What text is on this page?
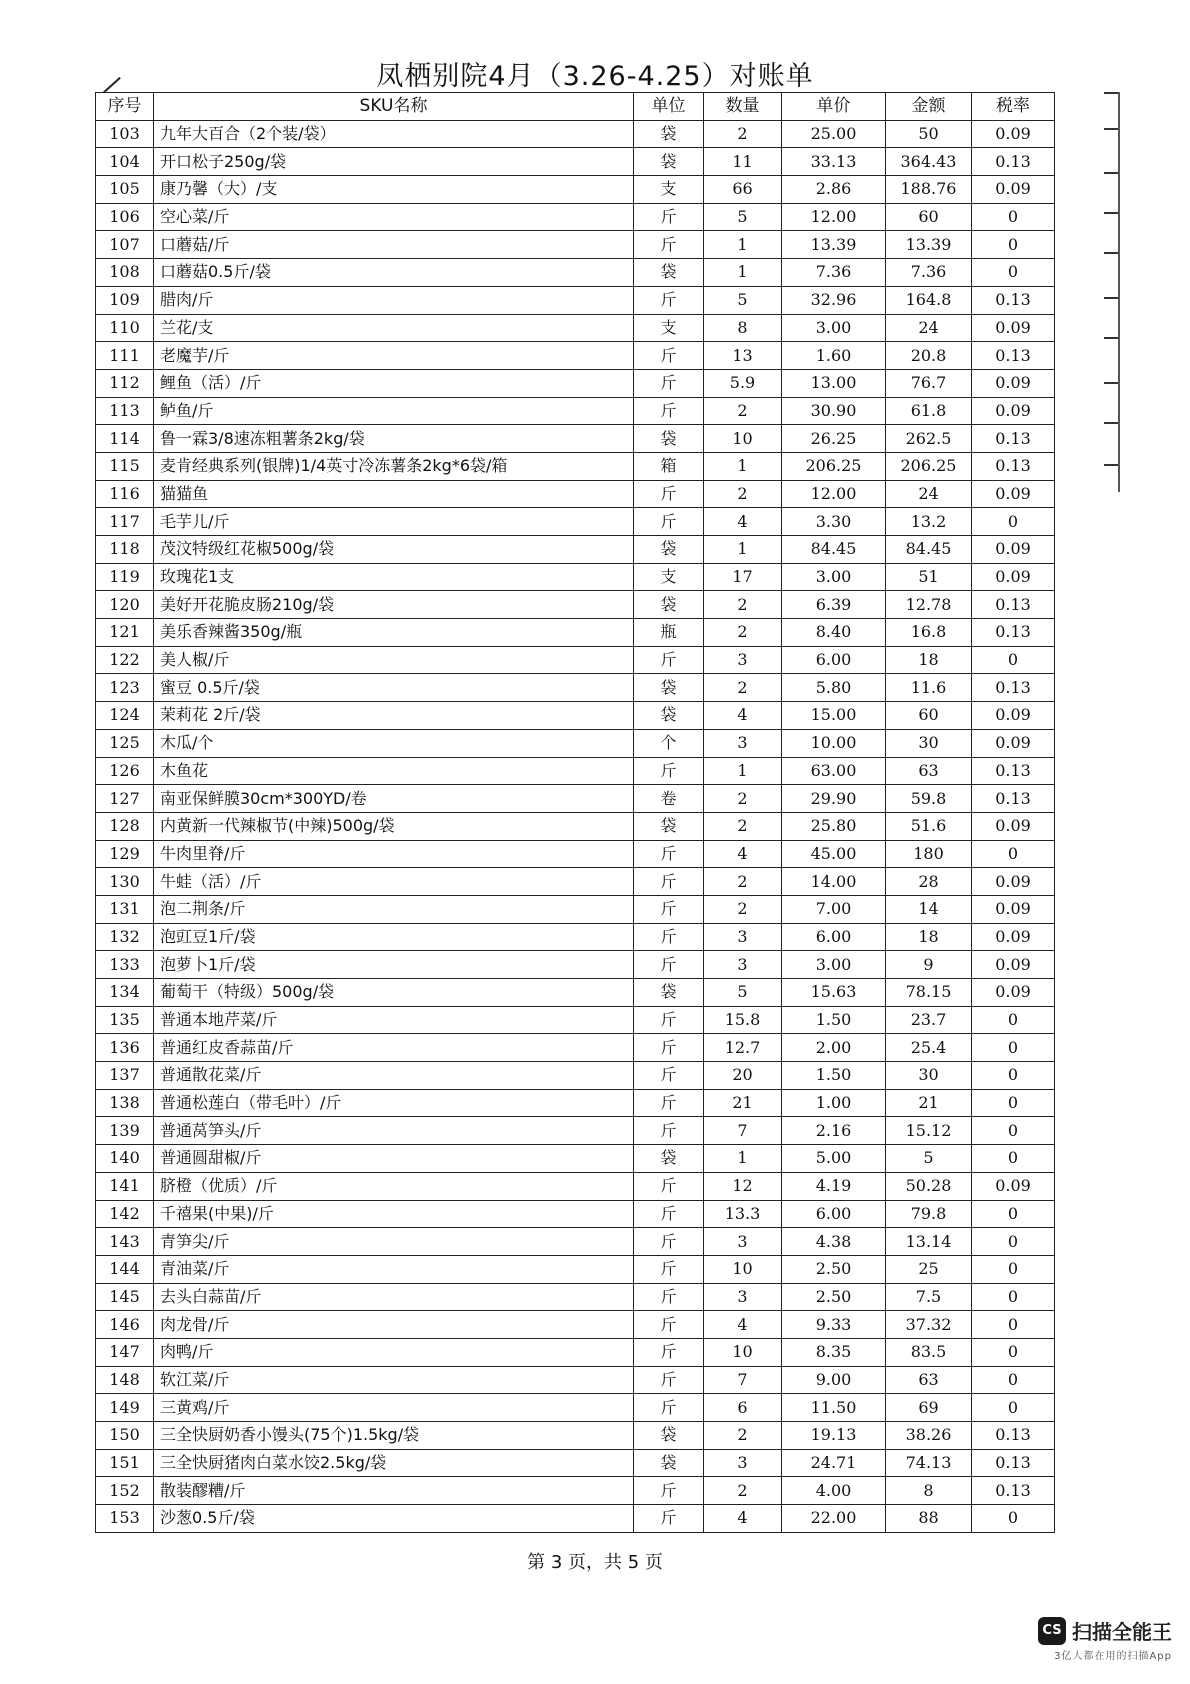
凤栖别院4月（3.26-4.25）对账单
序号	SKU名称	单位	数量	单价	金额	税率
103	九年大百合（2个装/袋）	袋	2	25.00	50	0.09
104	开口松子250g/袋	袋	11	33.13	364.43	0.13
105	康乃馨（大）/支	支	66	2.86	188.76	0.09
106	空心菜/斤	斤	5	12.00	60	0
107	口蘑菇/斤	斤	1	13.39	13.39	0
108	口蘑菇0.5斤/袋	袋	1	7.36	7.36	0
109	腊肉/斤	斤	5	32.96	164.8	0.13
110	兰花/支	支	8	3.00	24	0.09
111	老魔芋/斤	斤	13	1.60	20.8	0.13
112	鲤鱼（活）/斤	斤	5.9	13.00	76.7	0.09
113	鲈鱼/斤	斤	2	30.90	61.8	0.09
114	鲁一霖3/8速冻粗薯条2kg/袋	袋	10	26.25	262.5	0.13
115	麦肯经典系列(银牌)1/4英寸冷冻薯条2kg*6袋/箱	箱	1	206.25	206.25	0.13
116	猫猫鱼	斤	2	12.00	24	0.09
117	毛芋儿/斤	斤	4	3.30	13.2	0
118	茂汶特级红花椒500g/袋	袋	1	84.45	84.45	0.09
119	玫瑰花1支	支	17	3.00	51	0.09
120	美好开花脆皮肠210g/袋	袋	2	6.39	12.78	0.13
121	美乐香辣酱350g/瓶	瓶	2	8.40	16.8	0.13
122	美人椒/斤	斤	3	6.00	18	0
123	蜜豆 0.5斤/袋	袋	2	5.80	11.6	0.13
124	茉莉花 2斤/袋	袋	4	15.00	60	0.09
125	木瓜/个	个	3	10.00	30	0.09
126	木鱼花	斤	1	63.00	63	0.13
127	南亚保鲜膜30cm*300YD/卷	卷	2	29.90	59.8	0.13
128	内黄新一代辣椒节(中辣)500g/袋	袋	2	25.80	51.6	0.09
129	牛肉里脊/斤	斤	4	45.00	180	0
130	牛蛙（活）/斤	斤	2	14.00	28	0.09
131	泡二荆条/斤	斤	2	7.00	14	0.09
132	泡豇豆1斤/袋	斤	3	6.00	18	0.09
133	泡萝卜1斤/袋	斤	3	3.00	9	0.09
134	葡萄干（特级）500g/袋	袋	5	15.63	78.15	0.09
135	普通本地芹菜/斤	斤	15.8	1.50	23.7	0
136	普通红皮香蒜苗/斤	斤	12.7	2.00	25.4	0
137	普通散花菜/斤	斤	20	1.50	30	0
138	普通松莲白（带毛叶）/斤	斤	21	1.00	21	0
139	普通莴笋头/斤	斤	7	2.16	15.12	0
140	普通圆甜椒/斤	袋	1	5.00	5	0
141	脐橙（优质）/斤	斤	12	4.19	50.28	0.09
142	千禧果(中果)/斤	斤	13.3	6.00	79.8	0
143	青笋尖/斤	斤	3	4.38	13.14	0
144	青油菜/斤	斤	10	2.50	25	0
145	去头白蒜苗/斤	斤	3	2.50	7.5	0
146	肉龙骨/斤	斤	4	9.33	37.32	0
147	肉鸭/斤	斤	10	8.35	83.5	0
148	软江菜/斤	斤	7	9.00	63	0
149	三黄鸡/斤	斤	6	11.50	69	0
150	三全快厨奶香小馒头(75个)1.5kg/袋	袋	2	19.13	38.26	0.13
151	三全快厨猪肉白菜水饺2.5kg/袋	袋	3	24.71	74.13	0.13
152	散装醪糟/斤	斤	2	4.00	8	0.13
153	沙葱0.5斤/袋	斤	4	22.00	88	0
第 3 页，共 5 页
CS 扫描全能王
3亿人都在用的扫描App
